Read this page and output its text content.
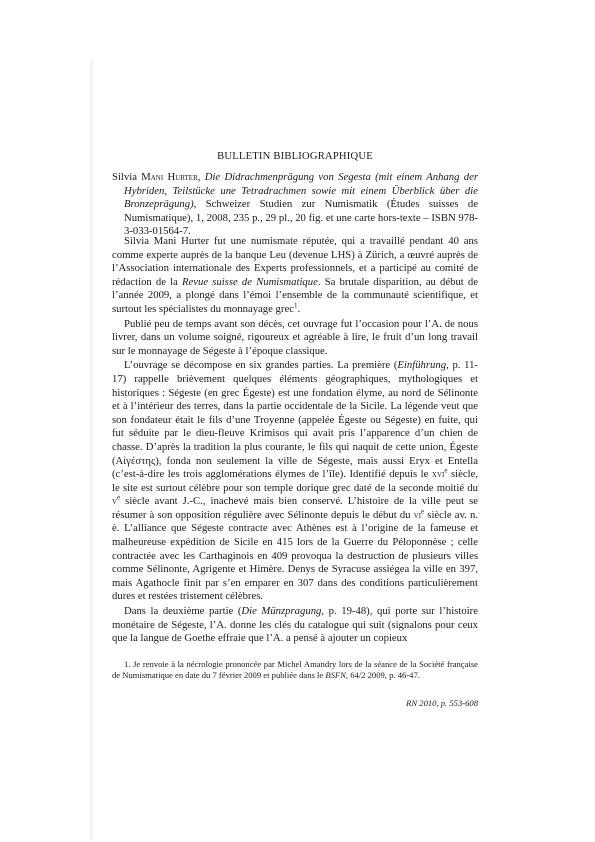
BULLETIN BIBLIOGRAPHIQUE

Silvia Mani Hurter, Die Didrachmenprägung von Segesta (mit einem Anhang der Hybriden, Teilstücke une Tetradrachmen sowie mit einem Überblick über die Bronzeprägung), Schweizer Studien zur Numismatik (Études suisses de Numismatique), 1, 2008, 235 p., 29 pl., 20 fig. et une carte hors-texte – ISBN 978-3-033-01564-7.

Silvia Mani Hurter fut une numismate réputée, qui a travaillé pendant 40 ans comme experte auprès de la banque Leu (devenue LHS) à Zürich, a œuvré auprès de l’Association internationale des Experts professionnels, et a participé au comité de rédaction de la Revue suisse de Numismatique. Sa brutale disparition, au début de l’année 2009, a plongé dans l’émoi l’ensemble de la communauté scientifique, et surtout les spécialistes du monnayage grec$^1$.

Publié peu de temps avant son décès, cet ouvrage fut l’occasion pour l’A. de nous livrer, dans un volume soigné, rigoureux et agréable à lire, le fruit d’un long travail sur le monnayage de Ségeste à l’époque classique.

L’ouvrage se décompose en six grandes parties. La première (Einführung, p. 11-17) rappelle brièvement quelques éléments géographiques, mythologiques et historiques : Ségeste (en grec Égeste) est une fondation élyme, au nord de Sélinonte et à l’intérieur des terres, dans la partie occidentale de la Sicile. La légende veut que son fondateur était le fils d’une Troyenne (appelée Égeste ou Ségeste) en fuite, qui fut séduite par le dieu-fleuve Krimisos qui avait pris l’apparence d’un chien de chasse. D’après la tradition la plus courante, le fils qui naquit de cette union, Égeste (Αἰγέστης), fonda non seulement la ville de Ségeste, mais aussi Eryx et Entella (c’est-à-dire les trois agglomérations élymes de l’île). Identifié depuis le xvi$^e$ siècle, le site est surtout célèbre pour son temple dorique grec daté de la seconde moitié du $v^e$ siècle avant J.-C., inachevé mais bien conservé. L’histoire de la ville peut se résumer à son opposition régulière avec Sélinonte depuis le début du $vi^e$ siècle av. n. è. L’alliance que Ségeste contracte avec Athènes est à l’origine de la fameuse et malheureuse expédition de Sicile en 415 lors de la Guerre du Péloponnèse ; celle contractée avec les Carthaginois en 409 provoqua la destruction de plusieurs villes comme Sélinonte, Agrigente et Himère. Denys de Syracuse assiégea la ville en 397, mais Agathocle finit par s’en emparer en 307 dans des conditions particulièrement dures et restées tristement célèbres.

Dans la deuxième partie (Die Münzpragung, p. 19-48), qui porte sur l’histoire monétaire de Ségeste, l’A. donne les clés du catalogue qui suit (signalons pour ceux que la langue de Goethe effraie que l’A. a pensé à ajouter un copieux

1. Je renvoie à la nécrologie prononcée par Michel Amandry lors de la séance de la Société française de Numismatique en date du 7 février 2009 et publiée dans le BSFN, 64/2 2009, p. 46-47.

RN 2010, p. 553-608
